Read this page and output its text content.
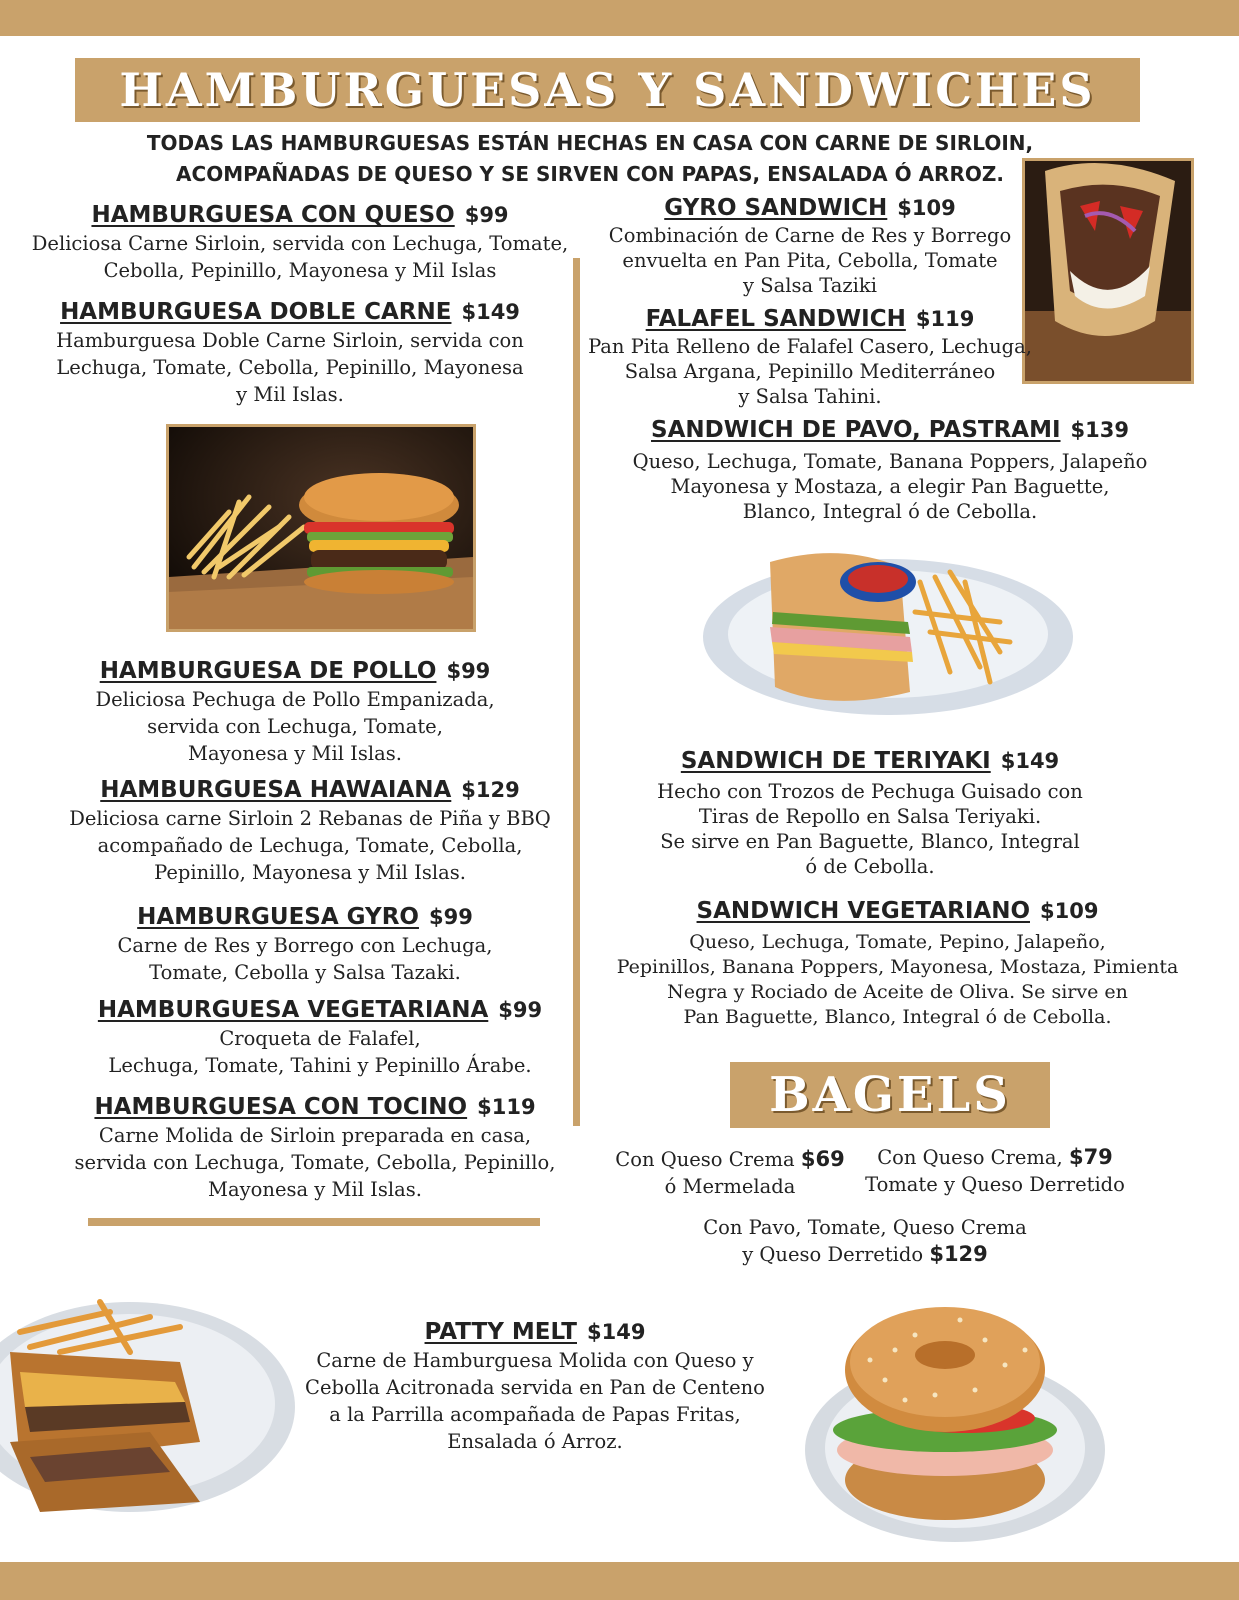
HAMBURGUESAS Y SANDWICHES
TODAS LAS HAMBURGUESAS ESTÁN HECHAS EN CASA CON CARNE DE SIRLOIN,
ACOMPAÑADAS DE QUESO Y SE SIRVEN CON PAPAS, ENSALADA Ó ARROZ.
HAMBURGUESA CON QUESO $99
Deliciosa Carne Sirloin, servida con Lechuga, Tomate,
Cebolla, Pepinillo, Mayonesa y Mil Islas
HAMBURGUESA DOBLE CARNE $149
Hamburguesa Doble Carne Sirloin, servida con
Lechuga, Tomate, Cebolla, Pepinillo, Mayonesa
y Mil Islas.
HAMBURGUESA DE POLLO $99
Deliciosa Pechuga de Pollo Empanizada,
servida con Lechuga, Tomate,
Mayonesa y Mil Islas.
HAMBURGUESA HAWAIANA $129
Deliciosa carne Sirloin 2 Rebanas de Piña y BBQ
acompañado de Lechuga, Tomate, Cebolla,
Pepinillo, Mayonesa y Mil Islas.
HAMBURGUESA GYRO $99
Carne de Res y Borrego con Lechuga,
Tomate, Cebolla y Salsa Tazaki.
HAMBURGUESA VEGETARIANA $99
Croqueta de Falafel,
Lechuga, Tomate, Tahini y Pepinillo Árabe.
HAMBURGUESA CON TOCINO $119
Carne Molida de Sirloin preparada en casa,
servida con Lechuga, Tomate, Cebolla, Pepinillo,
Mayonesa y Mil Islas.
GYRO SANDWICH $109
Combinación de Carne de Res y Borrego
envuelta en Pan Pita, Cebolla, Tomate
y Salsa Taziki
FALAFEL SANDWICH $119
Pan Pita Relleno de Falafel Casero, Lechuga,
Salsa Argana, Pepinillo Mediterráneo
y Salsa Tahini.
SANDWICH DE PAVO, PASTRAMI $139
Queso, Lechuga, Tomate, Banana Poppers, Jalapeño
Mayonesa y Mostaza, a elegir Pan Baguette,
Blanco, Integral ó de Cebolla.
SANDWICH DE TERIYAKI $149
Hecho con Trozos de Pechuga Guisado con
Tiras de Repollo en Salsa Teriyaki.
Se sirve en Pan Baguette, Blanco, Integral
ó de Cebolla.
SANDWICH VEGETARIANO $109
Queso, Lechuga, Tomate, Pepino, Jalapeño,
Pepinillos, Banana Poppers, Mayonesa, Mostaza, Pimienta
Negra y Rociado de Aceite de Oliva. Se sirve en
Pan Baguette, Blanco, Integral ó de Cebolla.
BAGELS
Con Queso Crema $69
ó Mermelada
Con Queso Crema, $79
Tomate y Queso Derretido
Con Pavo, Tomate, Queso Crema
y Queso Derretido $129
PATTY MELT $149
Carne de Hamburguesa Molida con Queso y
Cebolla Acitronada servida en Pan de Centeno
a la Parrilla acompañada de Papas Fritas,
Ensalada ó Arroz.
